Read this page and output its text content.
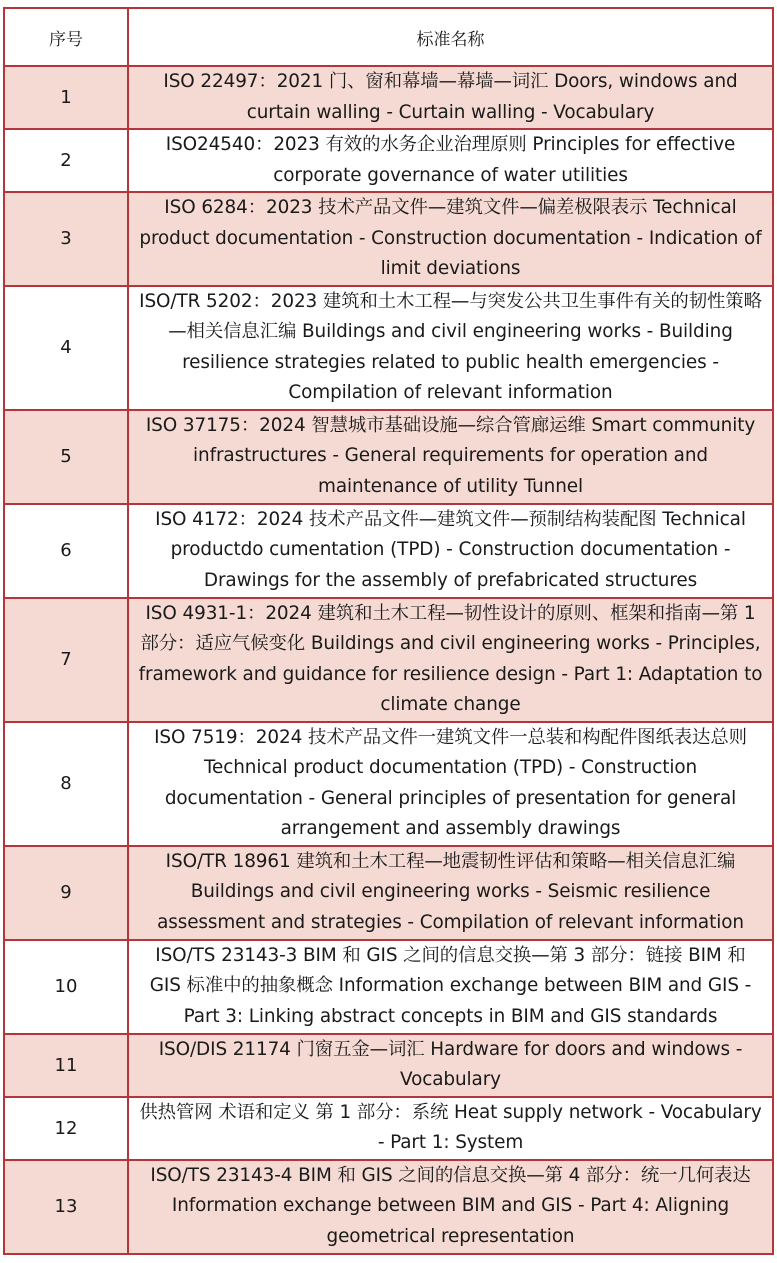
序号	标准名称
1	ISO 22497：2021 门、窗和幕墙—幕墙—词汇 Doors, windows and curtain walling - Curtain walling - Vocabulary
2	ISO24540：2023 有效的水务企业治理原则 Principles for effective corporate governance of water utilities
3	ISO 6284：2023 技术产品文件—建筑文件—偏差极限表示 Technical product documentation - Construction documentation - Indication of limit deviations
4	ISO/TR 5202：2023 建筑和土木工程—与突发公共卫生事件有关的韧性策略—相关信息汇编 Buildings and civil engineering works - Building resilience strategies related to public health emergencies - Compilation of relevant information
5	ISO 37175：2024 智慧城市基础设施—综合管廊运维 Smart community infrastructures - General requirements for operation and maintenance of utility Tunnel
6	ISO 4172：2024 技术产品文件—建筑文件—预制结构装配图 Technical productdo cumentation (TPD) - Construction documentation - Drawings for the assembly of prefabricated structures
7	ISO 4931-1：2024 建筑和土木工程—韧性设计的原则、框架和指南—第 1 部分：适应气候变化 Buildings and civil engineering works - Principles, framework and guidance for resilience design - Part 1: Adaptation to climate change
8	ISO 7519：2024 技术产品文件一建筑文件一总装和构配件图纸表达总则 Technical product documentation (TPD) - Construction documentation - General principles of presentation for general arrangement and assembly drawings
9	ISO/TR 18961 建筑和土木工程—地震韧性评估和策略—相关信息汇编 Buildings and civil engineering works - Seismic resilience assessment and strategies - Compilation of relevant information
10	ISO/TS 23143-3 BIM 和 GIS 之间的信息交换—第 3 部分：链接 BIM 和 GIS 标准中的抽象概念 Information exchange between BIM and GIS - Part 3: Linking abstract concepts in BIM and GIS standards
11	ISO/DIS 21174 门窗五金—词汇 Hardware for doors and windows - Vocabulary
12	供热管网 术语和定义 第 1 部分：系统 Heat supply network - Vocabulary - Part 1: System
13	ISO/TS 23143-4 BIM 和 GIS 之间的信息交换—第 4 部分：统一几何表达 Information exchange between BIM and GIS - Part 4: Aligning geometrical representation
